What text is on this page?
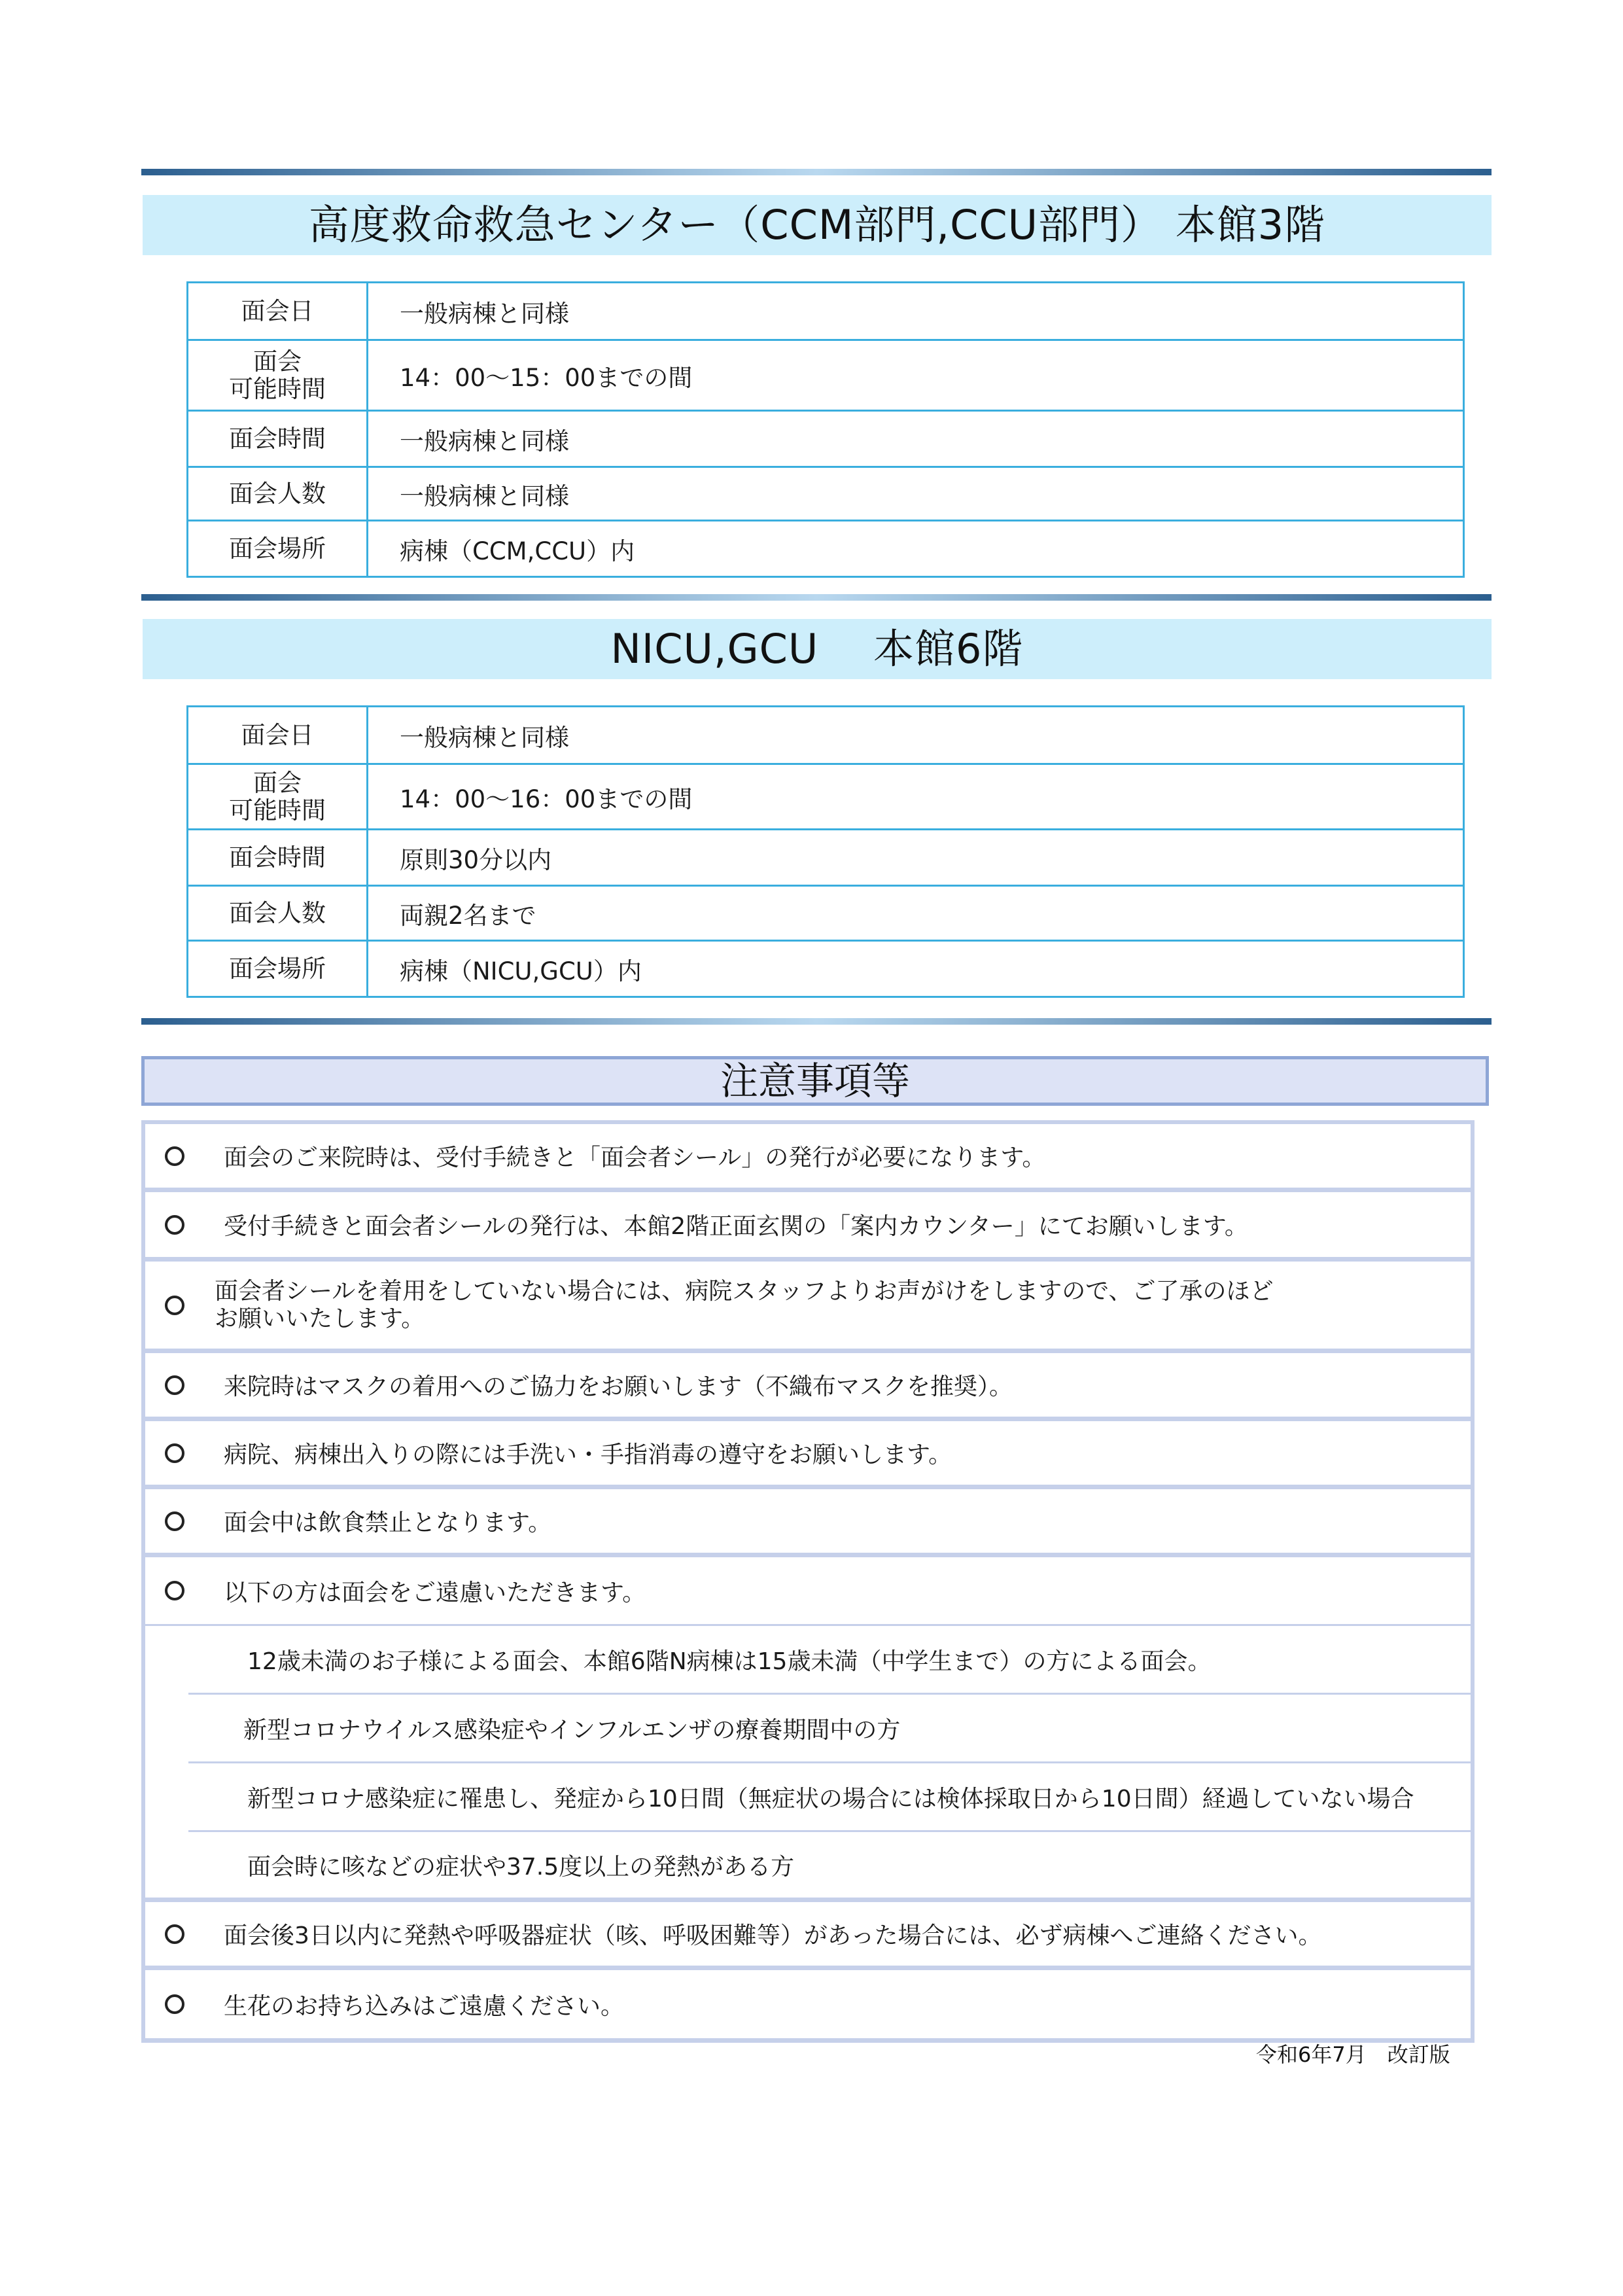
高度救命救急センター（CCM部門,CCU部門） 本館3階
面会日	一般病棟と同様
面会
可能時間	14：00～15：00までの間
面会時間	一般病棟と同様
面会人数	一般病棟と同様
面会場所	病棟（CCM,CCU）内
NICU,GCU　 本館6階
面会日	一般病棟と同様
面会
可能時間	14：00～16：00までの間
面会時間	原則30分以内
面会人数	両親2名まで
面会場所	病棟（NICU,GCU）内
注意事項等
面会のご来院時は、受付手続きと「面会者シール」の発行が必要になります。
受付手続きと面会者シールの発行は、本館2階正面玄関の「案内カウンター」にてお願いします。
面会者シールを着用をしていない場合には、病院スタッフよりお声がけをしますので、ご了承のほど
お願いいたします。
来院時はマスクの着用へのご協力をお願いします（不織布マスクを推奨）。
病院、病棟出入りの際には手洗い・手指消毒の遵守をお願いします。
面会中は飲食禁止となります。
以下の方は面会をご遠慮いただきます。
12歳未満のお子様による面会、本館6階N病棟は15歳未満（中学生まで）の方による面会。
新型コロナウイルス感染症やインフルエンザの療養期間中の方
新型コロナ感染症に罹患し、発症から10日間（無症状の場合には検体採取日から10日間）経過していない場合
面会時に咳などの症状や37.5度以上の発熱がある方
面会後3日以内に発熱や呼吸器症状（咳、呼吸困難等）があった場合には、必ず病棟へご連絡ください。
生花のお持ち込みはご遠慮ください。
令和6年7月　改訂版
